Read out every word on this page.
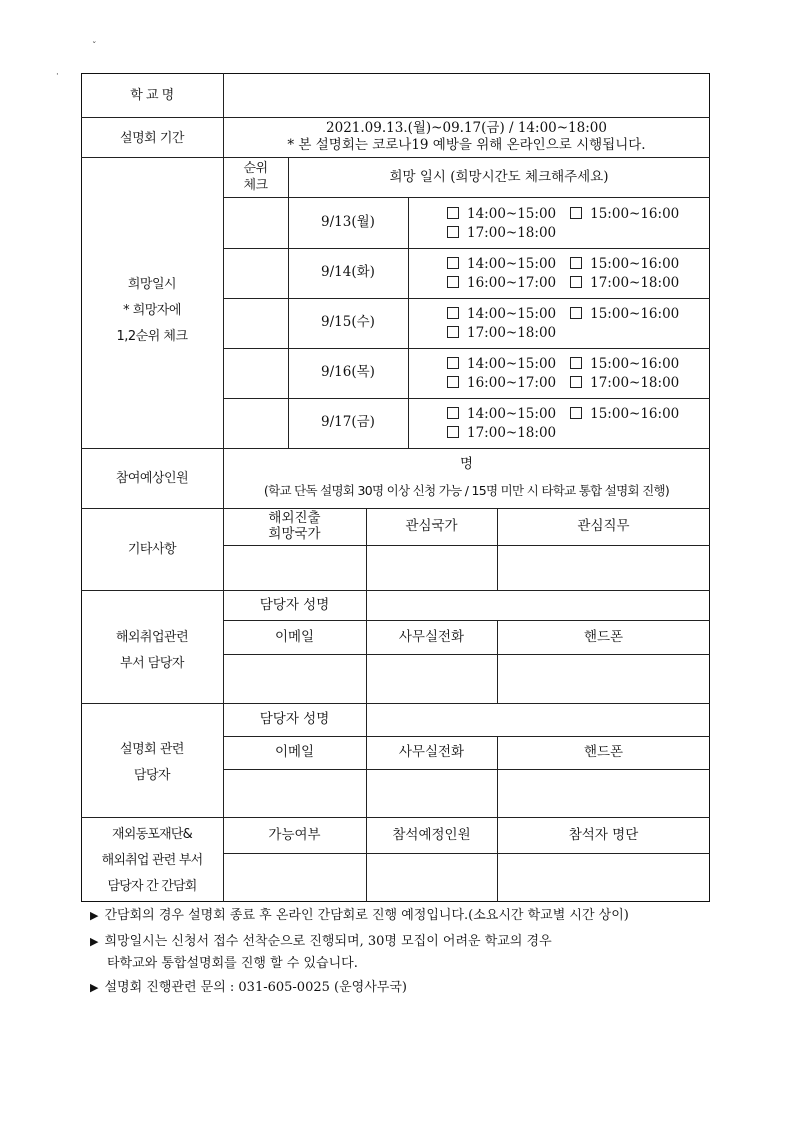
ˇ
·
학 교 명
설명회 기간
2021.09.13.(월)~09.17(금) / 14:00~18:00
* 본 설명회는 코로나19 예방을 위해 온라인으로 시행됩니다.
희망일시
* 희망자에
1,2순위 체크
순위
체크
희망 일시 (희망시간도 체크해주세요)
9/13(월)	14:00~15:00	15:00~16:00
17:00~18:00
9/14(화)	14:00~15:00	15:00~16:00
16:00~17:00	17:00~18:00
9/15(수)	14:00~15:00	15:00~16:00
17:00~18:00
9/16(목)	14:00~15:00	15:00~16:00
16:00~17:00	17:00~18:00
9/17(금)	14:00~15:00	15:00~16:00
17:00~18:00
참여예상인원
명
(학교 단독 설명회 30명 이상 신청 가능 / 15명 미만 시 타학교 통합 설명회 진행)
기타사항
해외진출
희망국가	관심국가	관심직무
해외취업관련
부서 담당자
담당자 성명
이메일	사무실전화	핸드폰
설명회 관련
담당자
담당자 성명
이메일	사무실전화	핸드폰
재외동포재단&
해외취업 관련 부서
담당자 간 간담회
가능여부	참석예정인원	참석자 명단
▶ 간담회의 경우 설명회 종료 후 온라인 간담회로 진행 예정입니다.(소요시간 학교별 시간 상이)
▶ 희망일시는 신청서 접수 선착순으로 진행되며, 30명 모집이 어려운 학교의 경우
타학교와 통합설명회를 진행 할 수 있습니다.
▶ 설명회 진행관련 문의 : 031-605-0025 (운영사무국)
